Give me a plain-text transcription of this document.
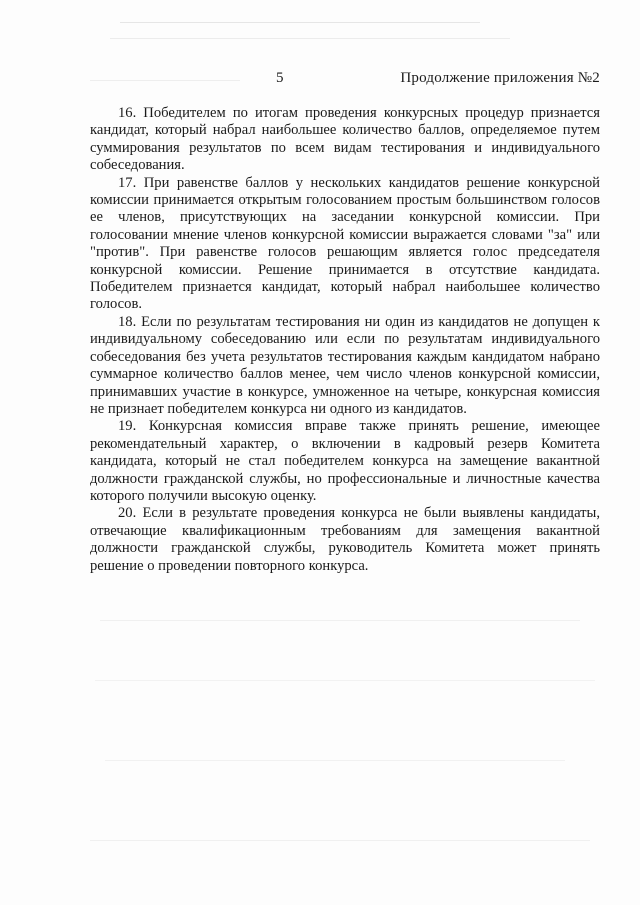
5	Продолжение приложения №2

16. Победителем по итогам проведения конкурсных процедур признается кандидат, который набрал наибольшее количество баллов, определяемое путем суммирования результатов по всем видам тестирования и индивидуального собеседования.

17. При равенстве баллов у нескольких кандидатов решение конкурсной комиссии принимается открытым голосованием простым большинством голосов ее членов, присутствующих на заседании конкурсной комиссии. При голосовании мнение членов конкурсной комиссии выражается словами "за" или "против". При равенстве голосов решающим является голос председателя конкурсной комиссии. Решение принимается в отсутствие кандидата. Победителем признается кандидат, который набрал наибольшее количество голосов.

18. Если по результатам тестирования ни один из кандидатов не допущен к индивидуальному собеседованию или если по результатам индивидуального собеседования без учета результатов тестирования каждым кандидатом набрано суммарное количество баллов менее, чем число членов конкурсной комиссии, принимавших участие в конкурсе, умноженное на четыре, конкурсная комиссия не признает победителем конкурса ни одного из кандидатов.

19. Конкурсная комиссия вправе также принять решение, имеющее рекомендательный характер, о включении в кадровый резерв Комитета кандидата, который не стал победителем конкурса на замещение вакантной должности гражданской службы, но профессиональные и личностные качества которого получили высокую оценку.

20. Если в результате проведения конкурса не были выявлены кандидаты, отвечающие квалификационным требованиям для замещения вакантной должности гражданской службы, руководитель Комитета может принять решение о проведении повторного конкурса.
